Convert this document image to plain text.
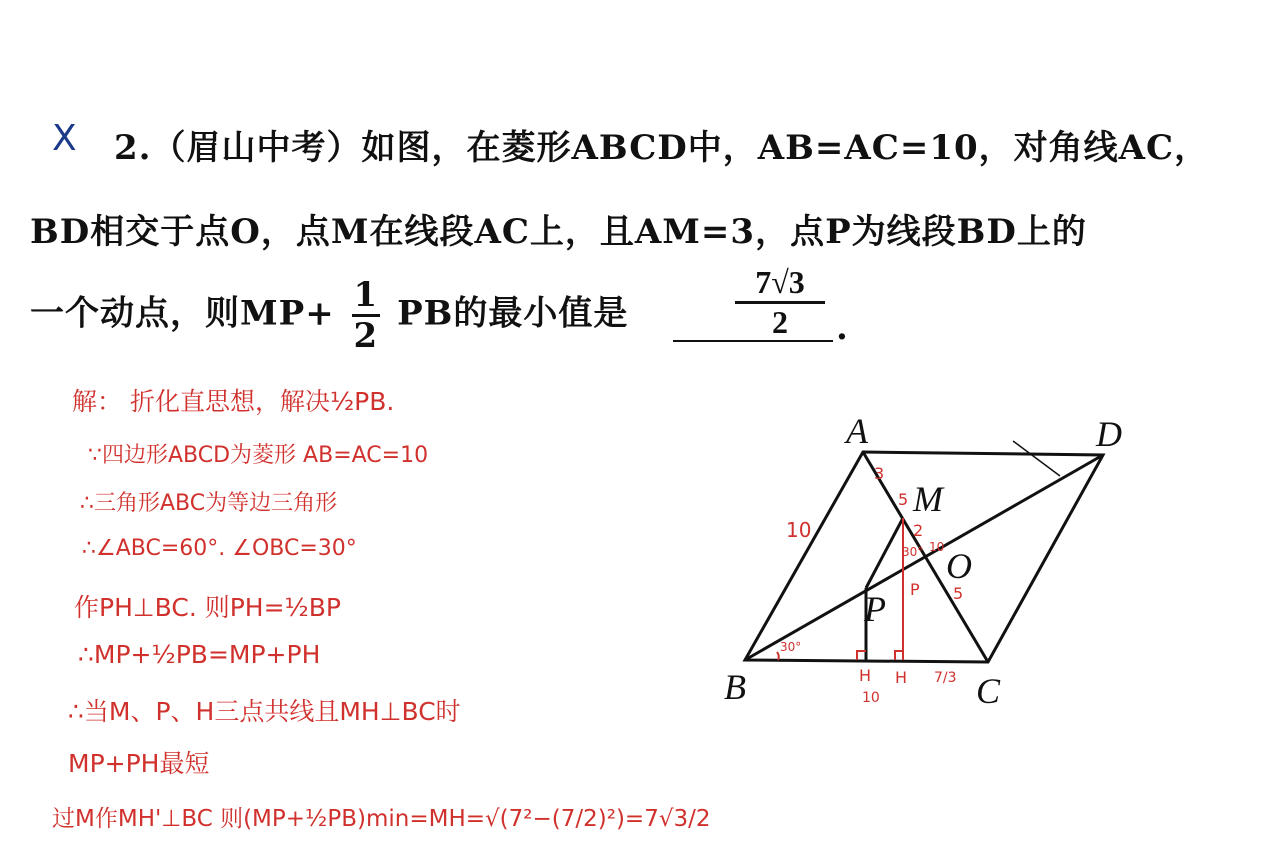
X 2.（眉山中考）如图，在菱形ABCD中，AB=AC=10，对角线AC，
BD相交于点O，点M在线段AC上，且AM=3，点P为线段BD上的
一个动点，则$MP+ \frac{1}{2}$ PB的最小值是	$\frac{7√3}{2}$ .
解： 折化直思想，解决½PB.
∵四边形ABCD为菱形 AB=AC=10
∴三角形ABC为等边三角形
∴∠ABC=60°. ∠OBC=30°
作PH⊥BC. 则PH=½BP
∴MP+½PB=MP+PH
∴当M、P、H三点共线且MH⊥BC时
MP+PH最短
过M作MH'⊥BC 则(MP+½PB)min=MH=√(7²−(7/2)²)=7√3/2
A	D
B	C
O
M
P
10
3
5
2
30° 10
P 5
30°
H H
10
7/3
